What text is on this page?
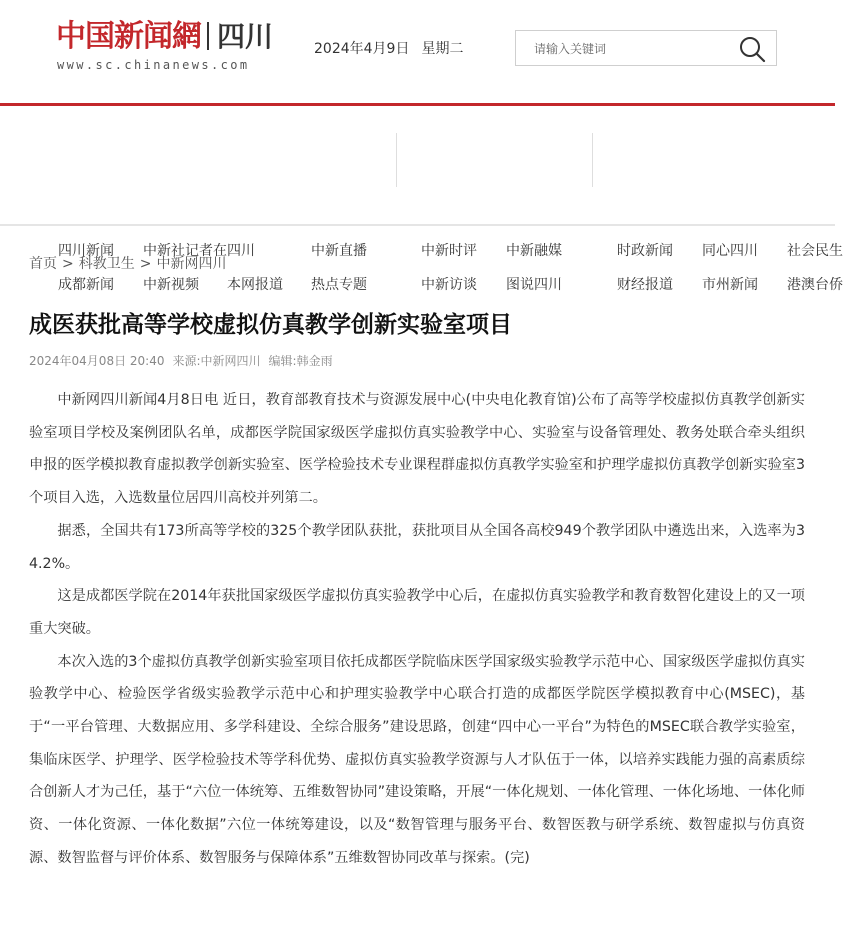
中国新闻網 四川
www.sc.chinanews.com
2024年4月9日 星期二
请输入关键词
四川新闻 中新社记者在四川	中新直播	中新时评 中新融媒	时政新闻 同心四川 社会民生
成都新闻 中新视频 本网报道 热点专题	中新访谈 图说四川	财经报道 市州新闻 港澳台侨
首页 > 科教卫生 > 中新网四川
成医获批高等学校虚拟仿真教学创新实验室项目
2024年04月08日 20:40 来源:中新网四川 编辑:韩金雨

中新网四川新闻4月8日电 近日，教育部教育技术与资源发展中心(中央电化教育馆)公布了高等学校虚拟仿真教学创新实验室项目学校及案例团队名单，成都医学院国家级医学虚拟仿真实验教学中心、实验室与设备管理处、教务处联合牵头组织申报的医学模拟教育虚拟教学创新实验室、医学检验技术专业课程群虚拟仿真教学实验室和护理学虚拟仿真教学创新实验室3个项目入选，入选数量位居四川高校并列第二。

据悉，全国共有173所高等学校的325个教学团队获批，获批项目从全国各高校949个教学团队中遴选出来，入选率为34.2%。

这是成都医学院在2014年获批国家级医学虚拟仿真实验教学中心后，在虚拟仿真实验教学和教育数智化建设上的又一项重大突破。

本次入选的3个虚拟仿真教学创新实验室项目依托成都医学院临床医学国家级实验教学示范中心、国家级医学虚拟仿真实验教学中心、检验医学省级实验教学示范中心和护理实验教学中心联合打造的成都医学院医学模拟教育中心(MSEC)，基于“一平台管理、大数据应用、多学科建设、全综合服务”建设思路，创建“四中心一平台”为特色的MSEC联合教学实验室，集临床医学、护理学、医学检验技术等学科优势、虚拟仿真实验教学资源与人才队伍于一体，以培养实践能力强的高素质综合创新人才为己任，基于“六位一体统筹、五维数智协同”建设策略，开展“一体化规划、一体化管理、一体化场地、一体化师资、一体化资源、一体化数据”六位一体统筹建设，以及“数智管理与服务平台、数智医教与研学系统、数智虚拟与仿真资源、数智监督与评价体系、数智服务与保障体系”五维数智协同改革与探索。(完)
